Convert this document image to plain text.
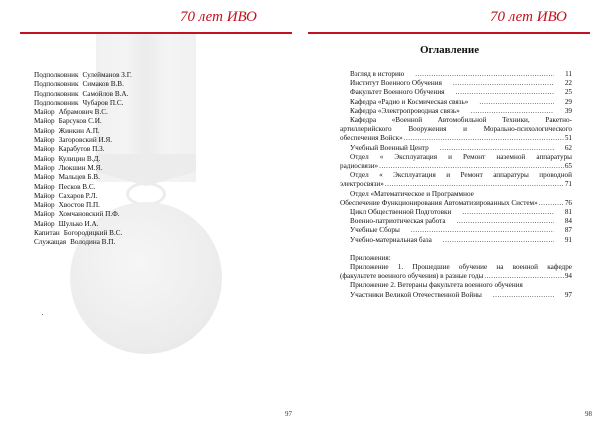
70 лет ИВО
Подполковник Сулейманов З.Г.
Подполковник Симаков В.В.
Подполковник Самойлов В.А.
Подполковник Чубаров П.С.
Майор Абрамович В.С.
Майор Барсуков С.И.
Майор Жинкин А.П.
Майор Загоровский И.Я.
Майор Карабутов П.З.
Майор Кулицин В.Д.
Майор Люкшин М.Я.
Майор Мальцев Б.В.
Майор Песков В.С.
Майор Сахаров Р.Л.
Майор Хвостов П.П.
Майор Хомчановский П.Ф.
Майор Шулько И.А.
Капитан Богородицкий В.С.
Служащая Володина В.П.
97
70 лет ИВО
Оглавление
Взгляд в историю .....	11
Институт Военного Обучения .....	22
Факультет Военного Обучения .....	25
Кафедра «Радио и Космическая связь» .....	29
Кафедра «Электропроводная связь» .....	39
Кафедра «Военной Автомобильной Техники, Ракетно-
артиллерийского Вооружения и Морально-психологического
обеспечения Войск» .....	51
Учебный Военный Центр .....	62
Отдел « Эксплуатация и Ремонт наземной аппаратуры
радиосвязи» .....	65
Отдел « Эксплуатация и Ремонт аппаратуры проводной
электросвязи» .....	71
Отдел «Математическое и Программное
Обеспечение Функционирования Автоматизированных Систем» .....	76
Цикл Общественной Подготовки .....	81
Военно-патриотическая работа .....	84
Учебные Сборы .....	87
Учебно-материальная база .....	91
Приложения:
Приложение 1. Прошедшие обучение на военной кафедре
(факультете военного обучения) в разные годы .....	94
Приложение 2. Ветераны факультета военного обучения
Участники Великой Отечественной Войны .....	97
98
